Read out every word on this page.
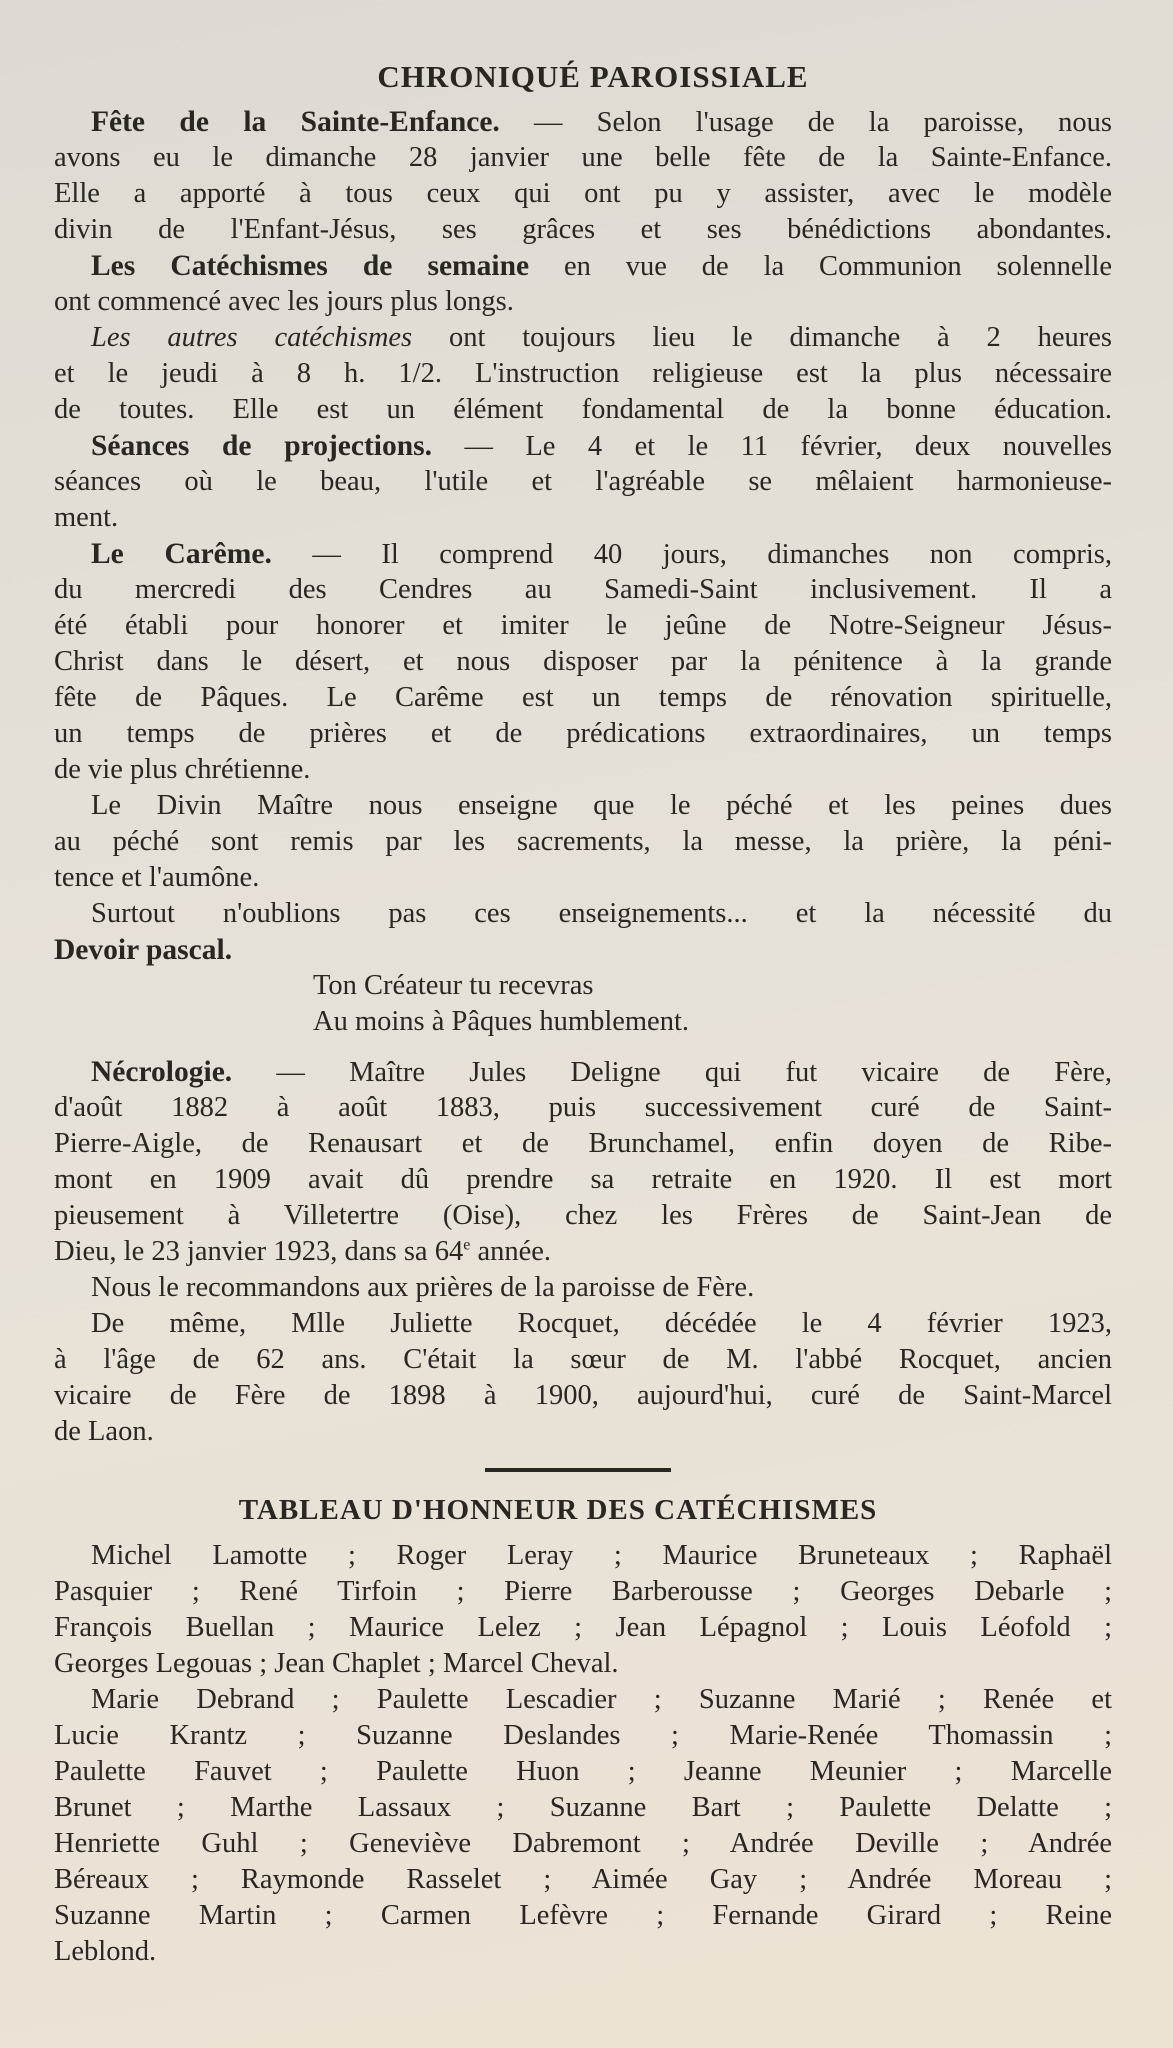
CHRONIQUÉ PAROISSIALE
Fête de la Sainte-Enfance. — Selon l'usage de la paroisse, nous
avons eu le dimanche 28 janvier une belle fête de la Sainte-Enfance.
Elle a apporté à tous ceux qui ont pu y assister, avec le modèle
divin de l'Enfant-Jésus, ses grâces et ses bénédictions abondantes.
Les Catéchismes de semaine en vue de la Communion solennelle
ont commencé avec les jours plus longs.
Les autres catéchismes ont toujours lieu le dimanche à 2 heures
et le jeudi à 8 h. 1/2. L'instruction religieuse est la plus nécessaire
de toutes. Elle est un élément fondamental de la bonne éducation.
Séances de projections. — Le 4 et le 11 février, deux nouvelles
séances où le beau, l'utile et l'agréable se mêlaient harmonieuse-
ment.
Le Carême. — Il comprend 40 jours, dimanches non compris,
du mercredi des Cendres au Samedi-Saint inclusivement. Il a
été établi pour honorer et imiter le jeûne de Notre-Seigneur Jésus-
Christ dans le désert, et nous disposer par la pénitence à la grande
fête de Pâques. Le Carême est un temps de rénovation spirituelle,
un temps de prières et de prédications extraordinaires, un temps
de vie plus chrétienne.
Le Divin Maître nous enseigne que le péché et les peines dues
au péché sont remis par les sacrements, la messe, la prière, la péni-
tence et l'aumône.
Surtout n'oublions pas ces enseignements... et la nécessité du
Devoir pascal.
Ton Créateur tu recevras
Au moins à Pâques humblement.
Nécrologie. — Maître Jules Deligne qui fut vicaire de Fère,
d'août 1882 à août 1883, puis successivement curé de Saint-
Pierre-Aigle, de Renausart et de Brunchamel, enfin doyen de Ribe-
mont en 1909 avait dû prendre sa retraite en 1920. Il est mort
pieusement à Villetertre (Oise), chez les Frères de Saint-Jean de
Dieu, le 23 janvier 1923, dans sa 64e année.
Nous le recommandons aux prières de la paroisse de Fère.
De même, Mlle Juliette Rocquet, décédée le 4 février 1923,
à l'âge de 62 ans. C'était la sœur de M. l'abbé Rocquet, ancien
vicaire de Fère de 1898 à 1900, aujourd'hui, curé de Saint-Marcel
de Laon.
TABLEAU D'HONNEUR DES CATÉCHISMES
Michel Lamotte ; Roger Leray ; Maurice Bruneteaux ; Raphaël
Pasquier ; René Tirfoin ; Pierre Barberousse ; Georges Debarle ;
François Buellan ; Maurice Lelez ; Jean Lépagnol ; Louis Léofold ;
Georges Legouas ; Jean Chaplet ; Marcel Cheval.
Marie Debrand ; Paulette Lescadier ; Suzanne Marié ; Renée et
Lucie Krantz ; Suzanne Deslandes ; Marie-Renée Thomassin ;
Paulette Fauvet ; Paulette Huon ; Jeanne Meunier ; Marcelle
Brunet ; Marthe Lassaux ; Suzanne Bart ; Paulette Delatte ;
Henriette Guhl ; Geneviève Dabremont ; Andrée Deville ; Andrée
Béreaux ; Raymonde Rasselet ; Aimée Gay ; Andrée Moreau ;
Suzanne Martin ; Carmen Lefèvre ; Fernande Girard ; Reine
Leblond.
